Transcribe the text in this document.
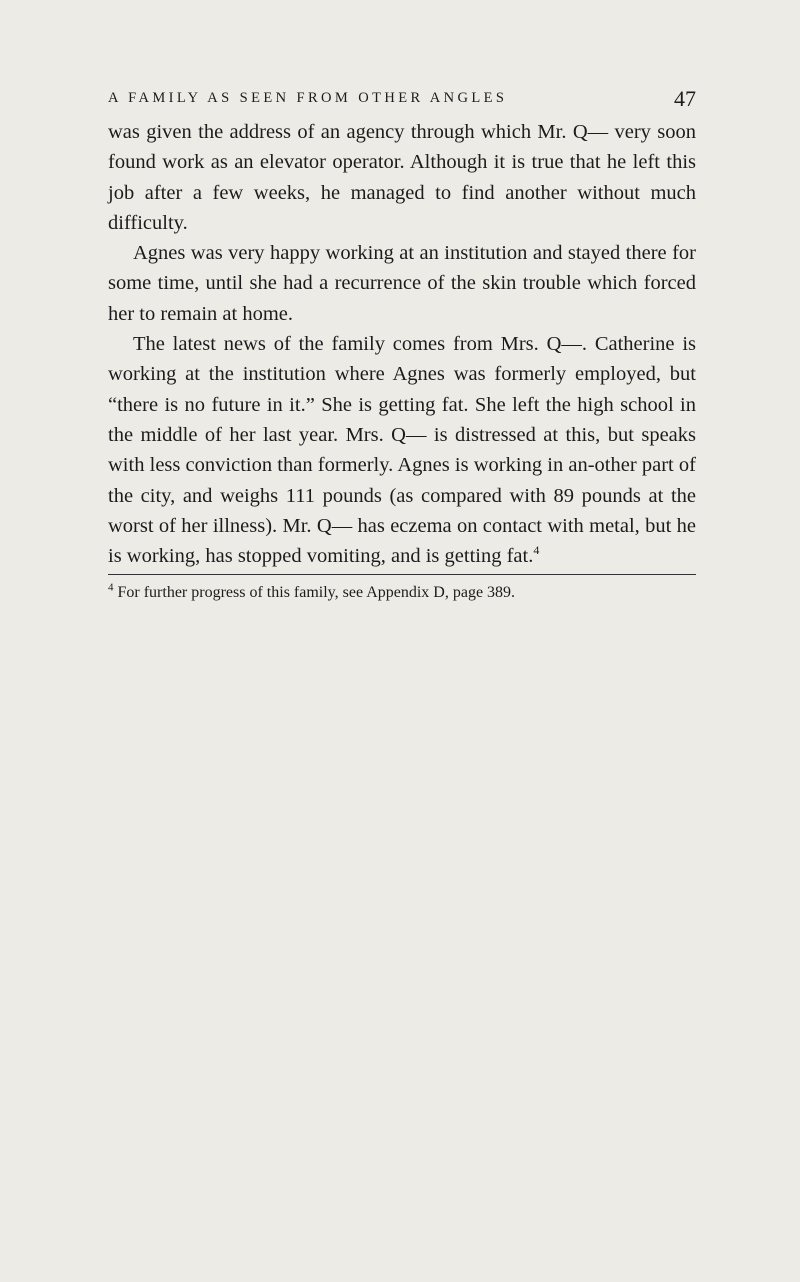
A FAMILY AS SEEN FROM OTHER ANGLES	47

was given the address of an agency through which Mr. Q— very soon found work as an elevator operator. Although it is true that he left this job after a few weeks, he managed to find another without much difficulty.

Agnes was very happy working at an institution and stayed there for some time, until she had a recurrence of the skin trouble which forced her to remain at home.

The latest news of the family comes from Mrs. Q—. Catherine is working at the institution where Agnes was formerly employed, but “there is no future in it.” She is getting fat. She left the high school in the middle of her last year. Mrs. Q— is distressed at this, but speaks with less conviction than formerly. Agnes is working in an-other part of the city, and weighs 111 pounds (as compared with 89 pounds at the worst of her illness). Mr. Q— has eczema on contact with metal, but he is working, has stopped vomiting, and is getting fat.$^4$

$^4$ For further progress of this family, see Appendix D, page 389.
